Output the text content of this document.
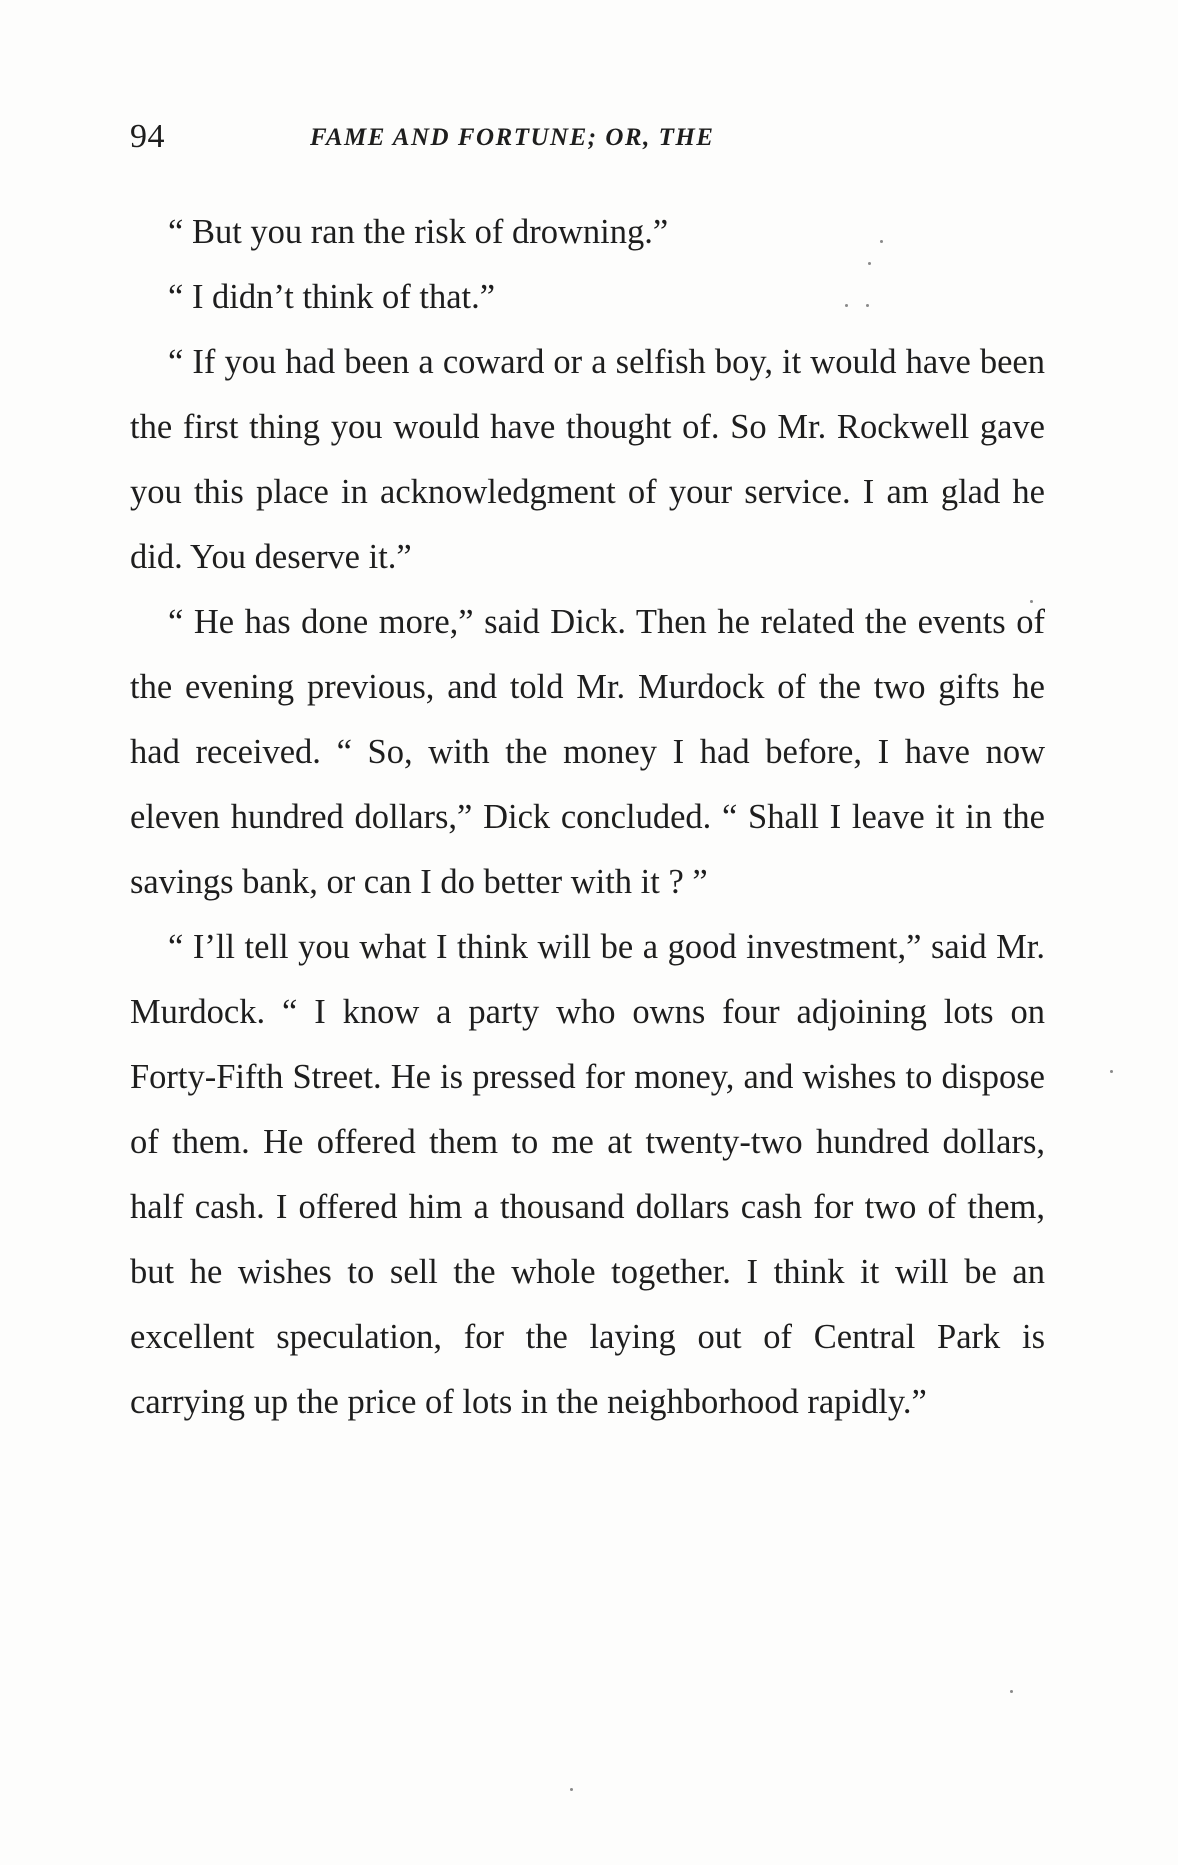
94	FAME AND FORTUNE; OR, THE

“ But you ran the risk of drowning.”

“ I didn’t think of that.”

“ If you had been a coward or a selfish boy, it would have been the first thing you would have thought of. So Mr. Rockwell gave you this place in acknowledgment of your service. I am glad he did. You deserve it.”

“ He has done more,” said Dick. Then he related the events of the evening previous, and told Mr. Murdock of the two gifts he had received. “ So, with the money I had before, I have now eleven hundred dollars,” Dick concluded. “ Shall I leave it in the savings bank, or can I do better with it ? ”

“ I’ll tell you what I think will be a good investment,” said Mr. Murdock. “ I know a party who owns four adjoining lots on Forty-Fifth Street. He is pressed for money, and wishes to dispose of them. He offered them to me at twenty-two hundred dollars, half cash. I offered him a thousand dollars cash for two of them, but he wishes to sell the whole together. I think it will be an excellent speculation, for the laying out of Central Park is carrying up the price of lots in the neighborhood rapidly.”
